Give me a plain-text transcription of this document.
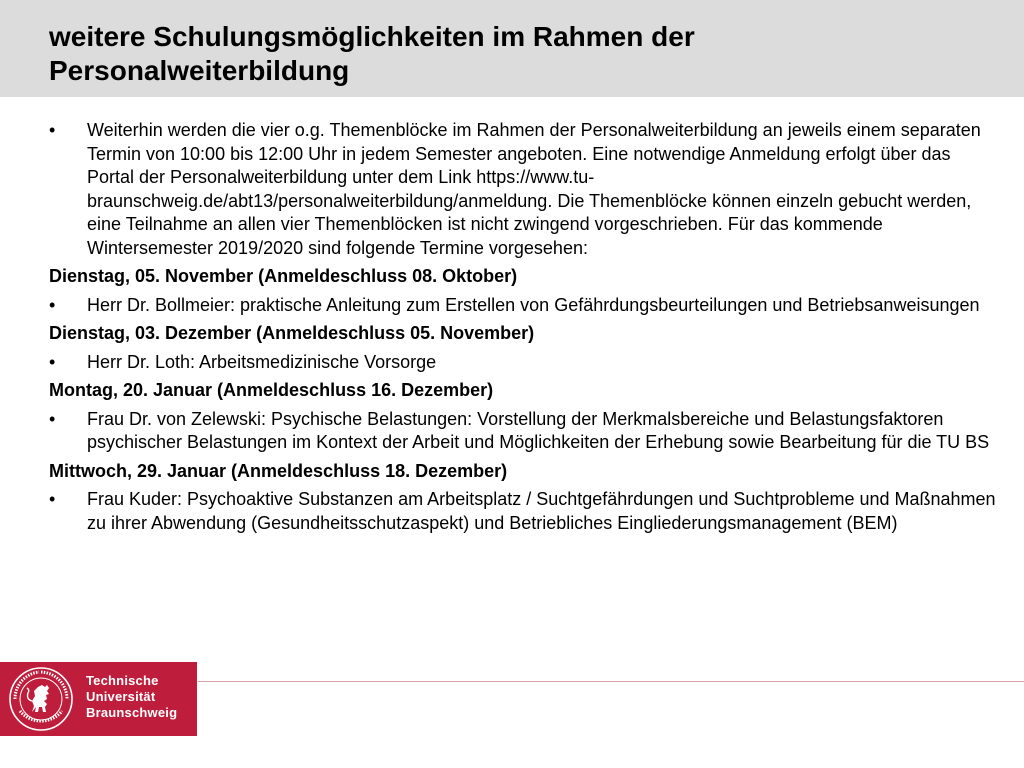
weitere Schulungsmöglichkeiten im Rahmen der Personalweiterbildung
•	Weiterhin werden die vier o.g. Themenblöcke im Rahmen der Personalweiterbildung an jeweils einem separaten Termin von 10:00 bis 12:00 Uhr in jedem Semester angeboten. Eine notwendige Anmeldung erfolgt über das Portal der Personalweiterbildung unter dem Link https://www.tu-braunschweig.de/abt13/personalweiterbildung/anmeldung. Die Themenblöcke können einzeln gebucht werden, eine Teilnahme an allen vier Themenblöcken ist nicht zwingend vorgeschrieben. Für das kommende Wintersemester 2019/2020 sind folgende Termine vorgesehen:
Dienstag, 05. November (Anmeldeschluss 08. Oktober)
•	Herr Dr. Bollmeier: praktische Anleitung zum Erstellen von Gefährdungsbeurteilungen und Betriebsanweisungen
Dienstag, 03. Dezember (Anmeldeschluss 05. November)
•	Herr Dr. Loth: Arbeitsmedizinische Vorsorge
Montag, 20. Januar (Anmeldeschluss 16. Dezember)
•	Frau Dr. von Zelewski: Psychische Belastungen: Vorstellung der Merkmalsbereiche und Belastungsfaktoren psychischer Belastungen im Kontext der Arbeit und Möglichkeiten der Erhebung sowie Bearbeitung für die TU BS
Mittwoch, 29. Januar (Anmeldeschluss 18. Dezember)
•	Frau Kuder: Psychoaktive Substanzen am Arbeitsplatz / Suchtgefährdungen und Suchtprobleme und Maßnahmen zu ihrer Abwendung (Gesundheitsschutzaspekt) und Betriebliches Eingliederungsmanagement (BEM)
Technische
Universität
Braunschweig
